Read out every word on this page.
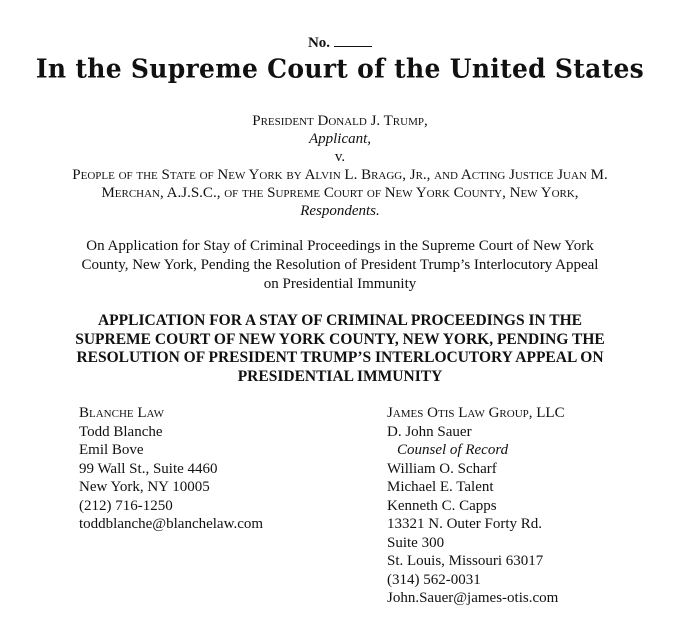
No.
In the Supreme Court of the United States
President Donald J. Trump,
Applicant,
v.
People of the State of New York by Alvin L. Bragg, Jr., and Acting Justice Juan M.
Merchan, A.J.S.C., of the Supreme Court of New York County, New York,
Respondents.
On Application for Stay of Criminal Proceedings in the Supreme Court of New York
County, New York, Pending the Resolution of President Trump’s Interlocutory Appeal
on Presidential Immunity
APPLICATION FOR A STAY OF CRIMINAL PROCEEDINGS IN THE
SUPREME COURT OF NEW YORK COUNTY, NEW YORK, PENDING THE
RESOLUTION OF PRESIDENT TRUMP’S INTERLOCUTORY APPEAL ON
PRESIDENTIAL IMMUNITY
Blanche Law
Todd Blanche
Emil Bove
99 Wall St., Suite 4460
New York, NY 10005
(212) 716-1250
toddblanche@blanchelaw.com
James Otis Law Group, LLC
D. John Sauer
Counsel of Record
William O. Scharf
Michael E. Talent
Kenneth C. Capps
13321 N. Outer Forty Rd.
Suite 300
St. Louis, Missouri 63017
(314) 562-0031
John.Sauer@james-otis.com
